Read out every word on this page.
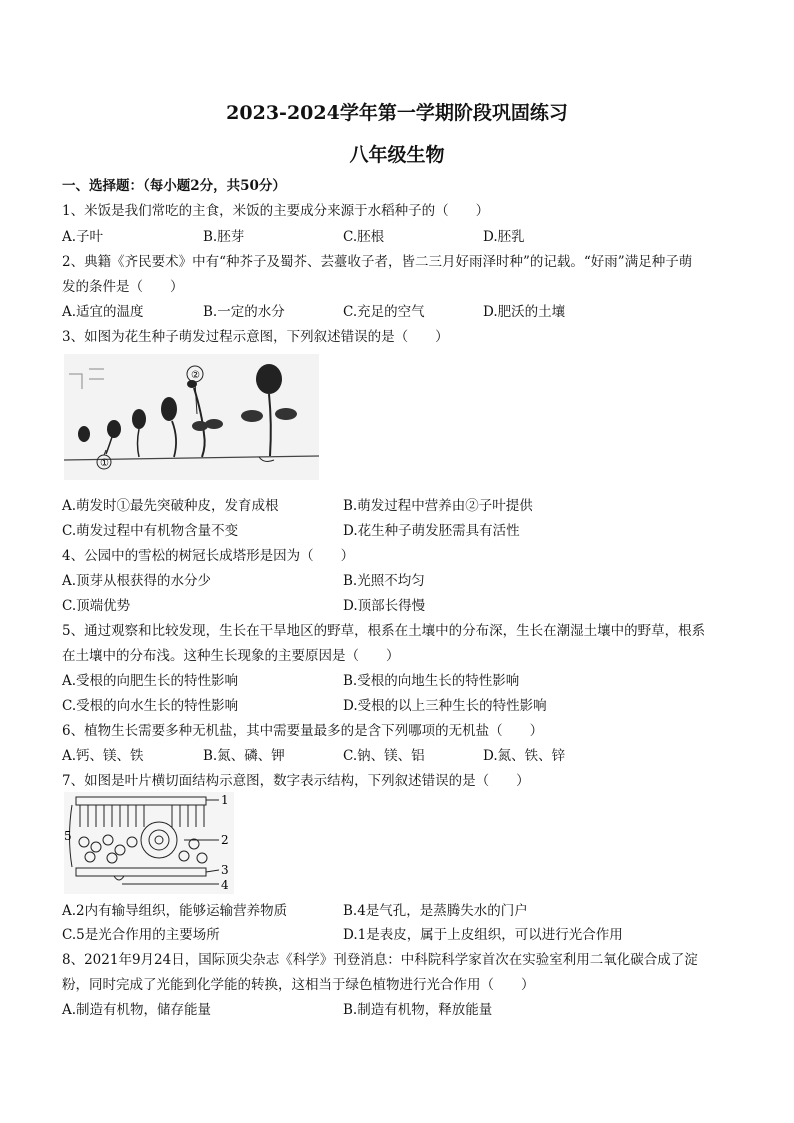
2023-2024学年第一学期阶段巩固练习
八年级生物
一、选择题：（每小题2分，共50分）
1、米饭是我们常吃的主食，米饭的主要成分来源于水稻种子的（　　）
A.子叶	B.胚芽	C.胚根	D.胚乳
2、典籍《齐民要术》中有“种芥子及蜀芥、芸薹收子者，皆二三月好雨泽时种”的记载。“好雨”满足种子萌
发的条件是（　　）
A.适宜的温度	B.一定的水分	C.充足的空气	D.肥沃的土壤
3、如图为花生种子萌发过程示意图，下列叙述错误的是（　　）
①
②
A.萌发时①最先突破种皮，发育成根	B.萌发过程中营养由②子叶提供
C.萌发过程中有机物含量不变	D.花生种子萌发胚需具有活性
4、公园中的雪松的树冠长成塔形是因为（　　）
A.顶芽从根获得的水分少	B.光照不均匀
C.顶端优势	D.顶部长得慢
5、通过观察和比较发现，生长在干旱地区的野草，根系在土壤中的分布深，生长在潮湿土壤中的野草，根系
在土壤中的分布浅。这种生长现象的主要原因是（　　）
A.受根的向肥生长的特性影响	B.受根的向地生长的特性影响
C.受根的向水生长的特性影响	D.受根的以上三种生长的特性影响
6、植物生长需要多种无机盐，其中需要量最多的是含下列哪项的无机盐（　　）
A.钙、镁、铁	B.氮、磷、钾	C.钠、镁、铝	D.氮、铁、锌
7、如图是叶片横切面结构示意图，数字表示结构，下列叙述错误的是（　　）
1
2
3
4
5
A.2内有输导组织，能够运输营养物质	B.4是气孔，是蒸腾失水的门户
C.5是光合作用的主要场所	D.1是表皮，属于上皮组织，可以进行光合作用
8、2021年9月24日，国际顶尖杂志《科学》刊登消息：中科院科学家首次在实验室利用二氧化碳合成了淀
粉，同时完成了光能到化学能的转换，这相当于绿色植物进行光合作用（　　）
A.制造有机物，储存能量	B.制造有机物，释放能量
